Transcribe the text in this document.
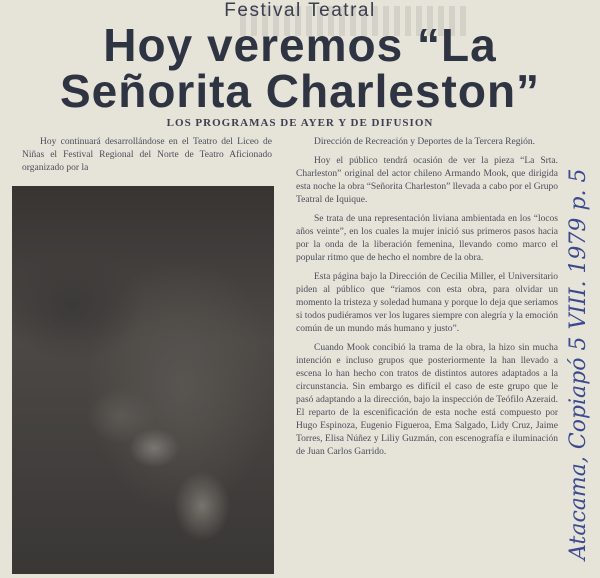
Festival Teatral
Hoy veremos “La
Señorita Charleston”
LOS PROGRAMAS DE AYER Y DE DIFUSION

Hoy continuará desarrollándose en el Teatro del Liceo de Niñas el Festival Regional del Norte de Teatro Aficionado organizado por la

Dirección de Recreación y Deportes de la Tercera Región.

Hoy el público tendrá ocasión de ver la pieza “La Srta. Charleston” original del actor chileno Armando Mook, que dirigida esta noche la obra “Señorita Charleston” llevada a cabo por el Grupo Teatral de Iquique.

Se trata de una representación liviana ambientada en los “locos años veinte”, en los cuales la mujer inició sus primeros pasos hacia por la onda de la liberación femenina, llevando como marco el popular ritmo que de hecho el nombre de la obra.

Esta página bajo la Dirección de Cecilia Miller, el Universitario piden al público que “riamos con esta obra, para olvidar un momento la tristeza y soledad humana y porque lo deja que seriamos si todos pudiéramos ver los lugares siempre con alegría y la emoción común de un mundo más humano y justo”.

Cuando Mook concibió la trama de la obra, la hizo sin mucha intención e incluso grupos que posteriormente la han llevado a escena lo han hecho con tratos de distintos autores adaptados a la circunstancia. Sin embargo es difícil el caso de este grupo que le pasó adaptando a la dirección, bajo la inspección de Teófilo Azeraid. El reparto de la escenificación de esta noche está compuesto por Hugo Espinoza, Eugenio Figueroa, Ema Salgado, Lidy Cruz, Jaime Torres, Elisa Núñez y Liliy Guzmán, con escenografía e iluminación de Juan Carlos Garrido.	Atacama, Copiapó 5 VIII. 1979 p. 5
